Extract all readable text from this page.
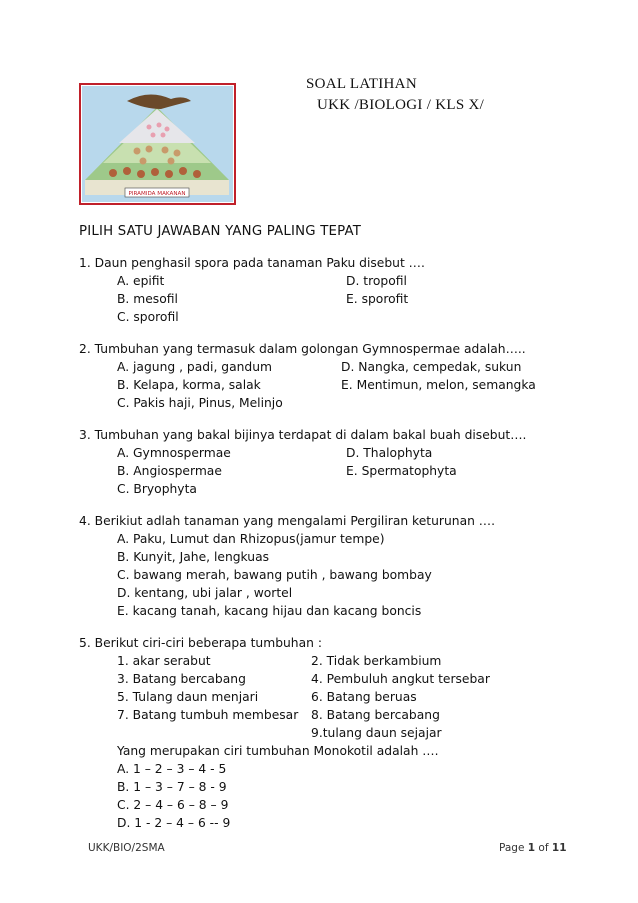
PIRAMIDA MAKANAN
SOAL LATIHAN
UKK /BIOLOGI / KLS X/
PILIH SATU JAWABAN YANG PALING TEPAT
1. Daun penghasil spora pada tanaman Paku disebut ….
A. epifit
B. mesofil
C. sporofil
D. tropofil
E. sporofit
2. Tumbuhan yang termasuk dalam golongan Gymnospermae adalah…..
A. jagung , padi, gandum
B. Kelapa, korma, salak
C. Pakis haji, Pinus, Melinjo
D. Nangka, cempedak, sukun
E. Mentimun, melon, semangka
3. Tumbuhan yang bakal bijinya terdapat di dalam bakal buah disebut….
A. Gymnospermae
B. Angiospermae
C. Bryophyta
D. Thalophyta
E. Spermatophyta
4. Berikiut adlah tanaman yang mengalami Pergiliran keturunan ….
A. Paku, Lumut dan Rhizopus(jamur tempe)
B. Kunyit, Jahe, lengkuas
C. bawang merah, bawang putih , bawang bombay
D. kentang, ubi jalar , wortel
E. kacang tanah, kacang hijau dan kacang boncis
5. Berikut ciri-ciri beberapa tumbuhan :
1. akar serabut	2. Tidak berkambium
3. Batang bercabang	4. Pembuluh angkut tersebar
5. Tulang daun menjari	6. Batang beruas
7. Batang tumbuh membesar 8. Batang bercabang
9.tulang daun sejajar
Yang merupakan ciri tumbuhan Monokotil adalah ….
A. 1 – 2 – 3 – 4 - 5
B. 1 – 3 – 7 – 8 - 9
C. 2 – 4 – 6 – 8 – 9
D. 1 - 2 – 4 – 6 -- 9
UKK/BIO/2SMA	Page 1 of 11
